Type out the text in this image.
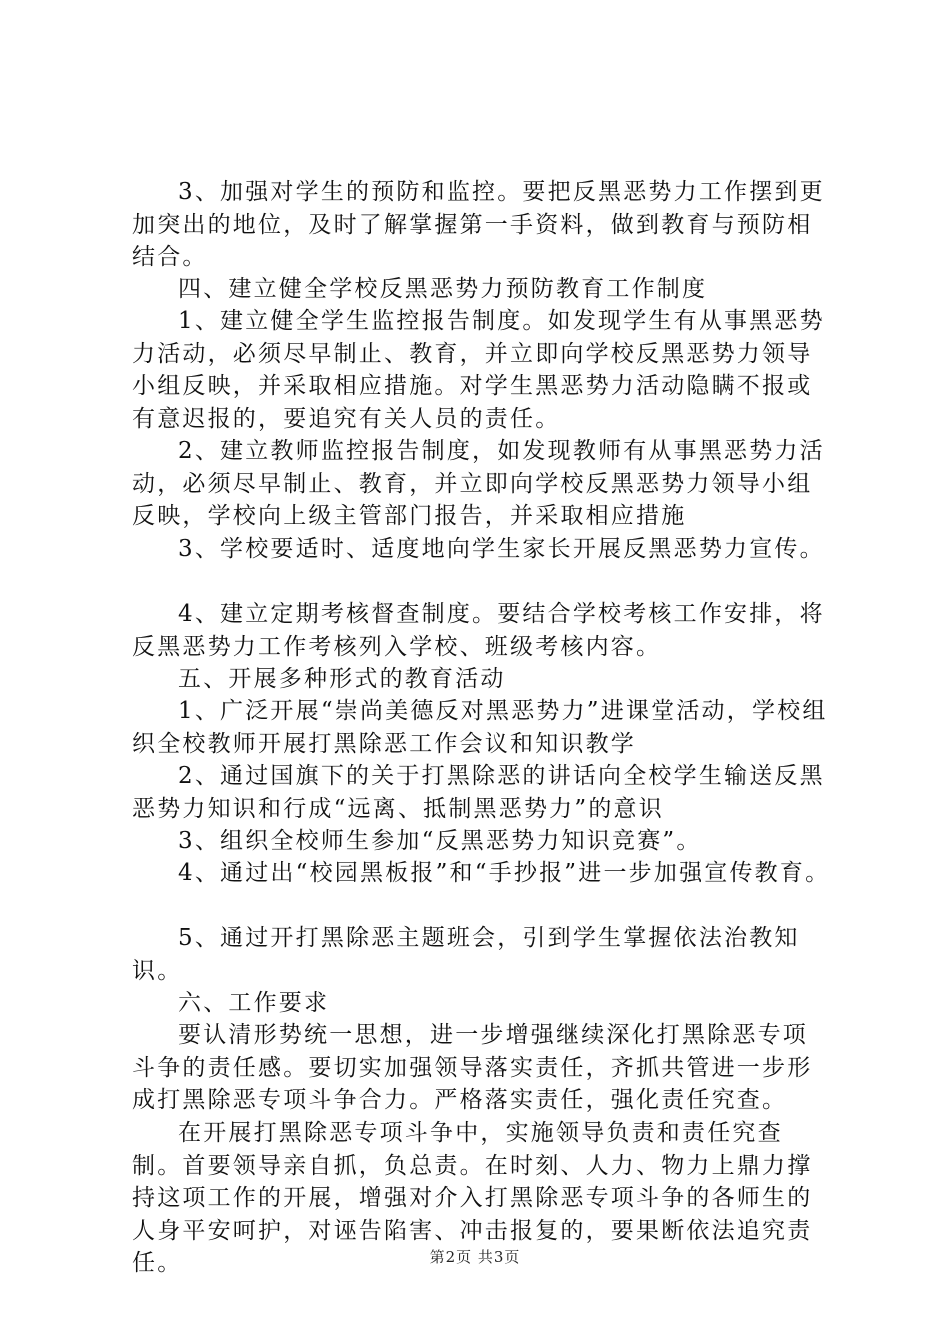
3、加强对学生的预防和监控。要把反黑恶势力工作摆到更加突出的地位，及时了解掌握第一手资料，做到教育与预防相结合。

四、建立健全学校反黑恶势力预防教育工作制度

1、建立健全学生监控报告制度。如发现学生有从事黑恶势力活动，必须尽早制止、教育，并立即向学校反黑恶势力领导小组反映，并采取相应措施。对学生黑恶势力活动隐瞒不报或有意迟报的，要追究有关人员的责任。

2、建立教师监控报告制度，如发现教师有从事黑恶势力活动，必须尽早制止、教育，并立即向学校反黑恶势力领导小组反映，学校向上级主管部门报告，并采取相应措施

3、学校要适时、适度地向学生家长开展反黑恶势力宣传。

4、建立定期考核督查制度。要结合学校考核工作安排，将反黑恶势力工作考核列入学校、班级考核内容。

五、开展多种形式的教育活动

1、广泛开展“崇尚美德反对黑恶势力”进课堂活动，学校组织全校教师开展打黑除恶工作会议和知识教学

2、通过国旗下的关于打黑除恶的讲话向全校学生输送反黑恶势力知识和行成“远离、抵制黑恶势力”的意识

3、组织全校师生参加“反黑恶势力知识竞赛”。

4、通过出“校园黑板报”和“手抄报”进一步加强宣传教育。

5、通过开打黑除恶主题班会，引到学生掌握依法治教知识。

六、工作要求

要认清形势统一思想，进一步增强继续深化打黑除恶专项斗争的责任感。要切实加强领导落实责任，齐抓共管进一步形成打黑除恶专项斗争合力。严格落实责任，强化责任究查。

在开展打黑除恶专项斗争中，实施领导负责和责任究查制。首要领导亲自抓，负总责。在时刻、人力、物力上鼎力撑持这项工作的开展，增强对介入打黑除恶专项斗争的各师生的人身平安呵护，对诬告陷害、冲击报复的，要果断依法追究责任。	第2页 共3页
